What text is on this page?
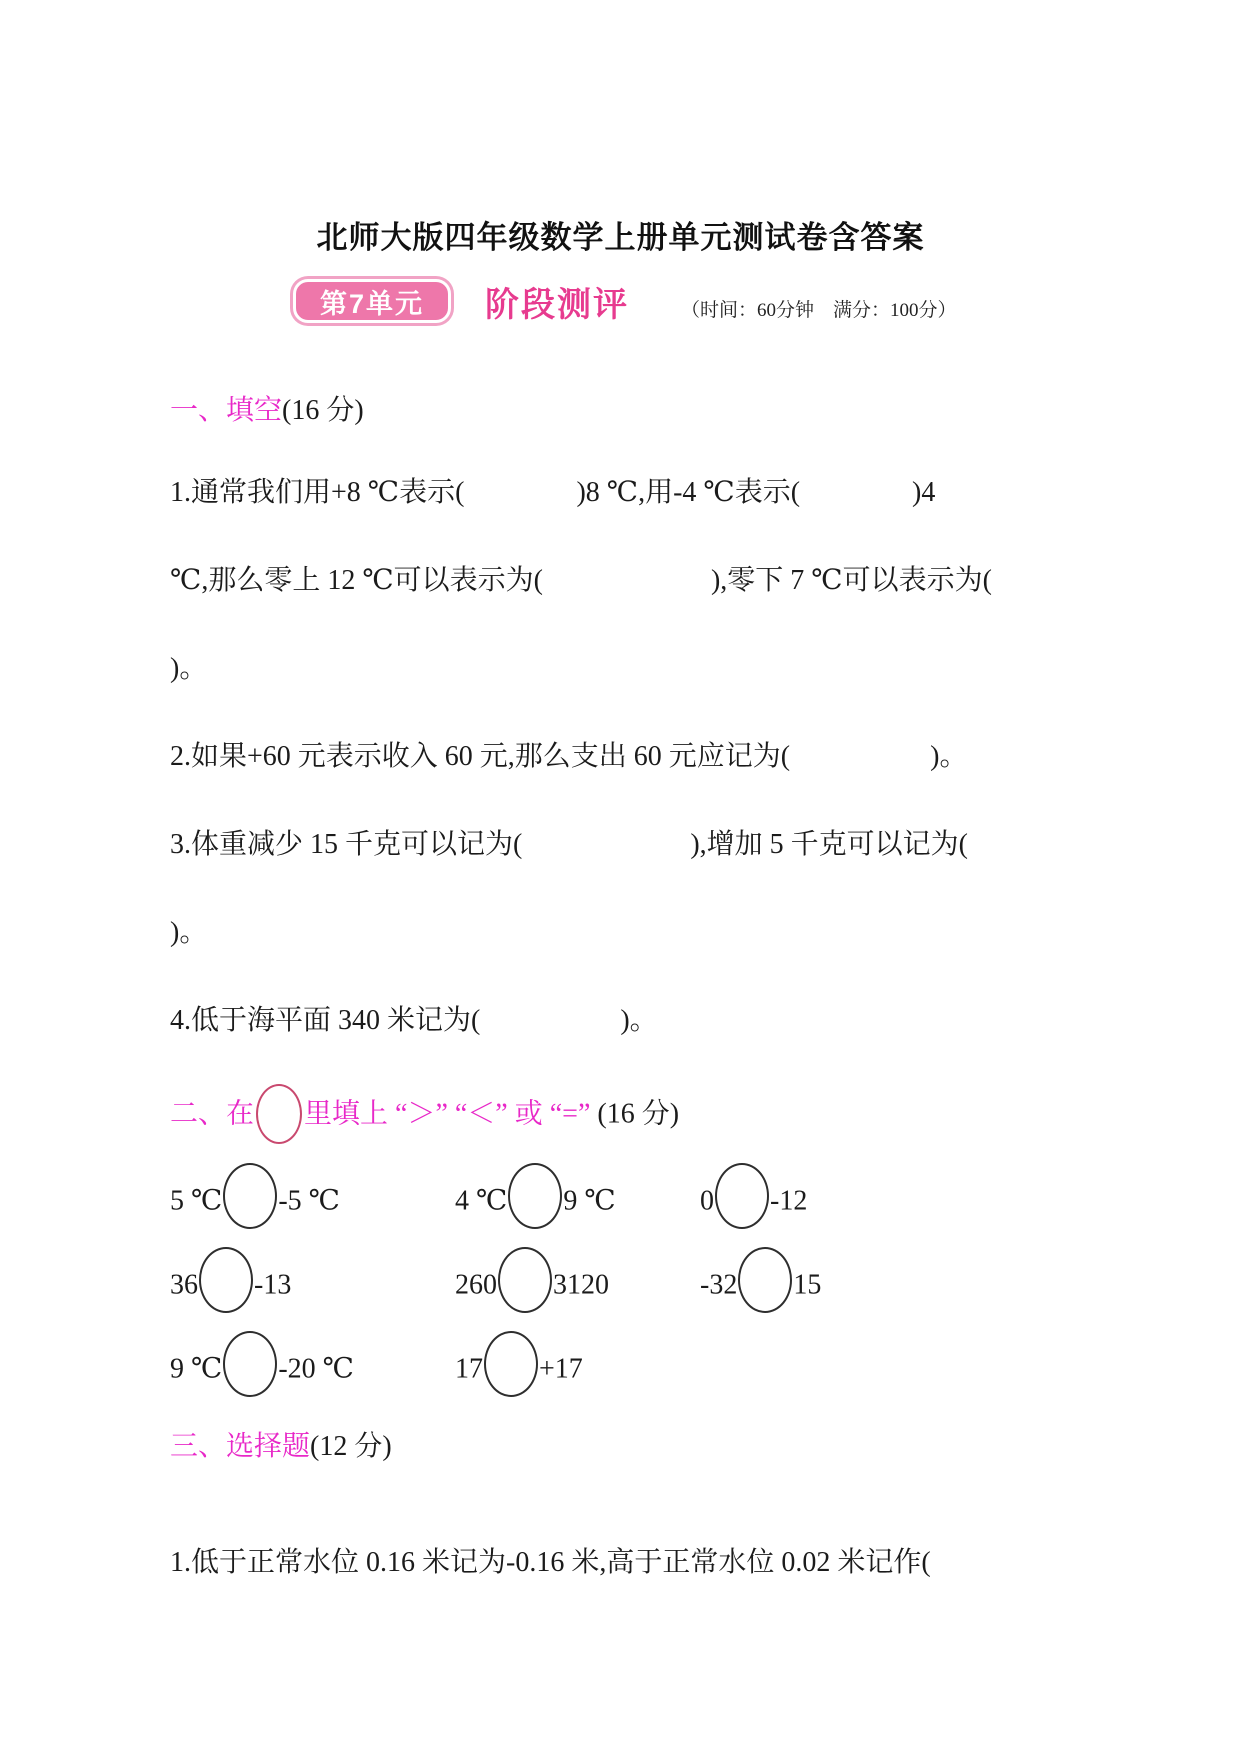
北师大版四年级数学上册单元测试卷含答案
第7单元	阶段测评	（时间：60分钟　满分：100分）
一、填空(16 分)
1.通常我们用+8 ℃表示(　　　　)8 ℃,用-4 ℃表示(　　　　)4
℃,那么零上 12 ℃可以表示为(　　　　　　),零下 7 ℃可以表示为(
)。
2.如果+60 元表示收入 60 元,那么支出 60 元应记为(　　　　　)。
3.体重减少 15 千克可以记为(　　　　　　),增加 5 千克可以记为(
)。
4.低于海平面 340 米记为(　　　　　)。
二、在 里填上 “＞” “＜” 或 “=” (16 分)
5 ℃ -5 ℃	4 ℃ 9 ℃	0 -12
36 -13	260 3120	-32 15
9 ℃ -20 ℃	17 +17
三、选择题(12 分)
1.低于正常水位 0.16 米记为-0.16 米,高于正常水位 0.02 米记作(
